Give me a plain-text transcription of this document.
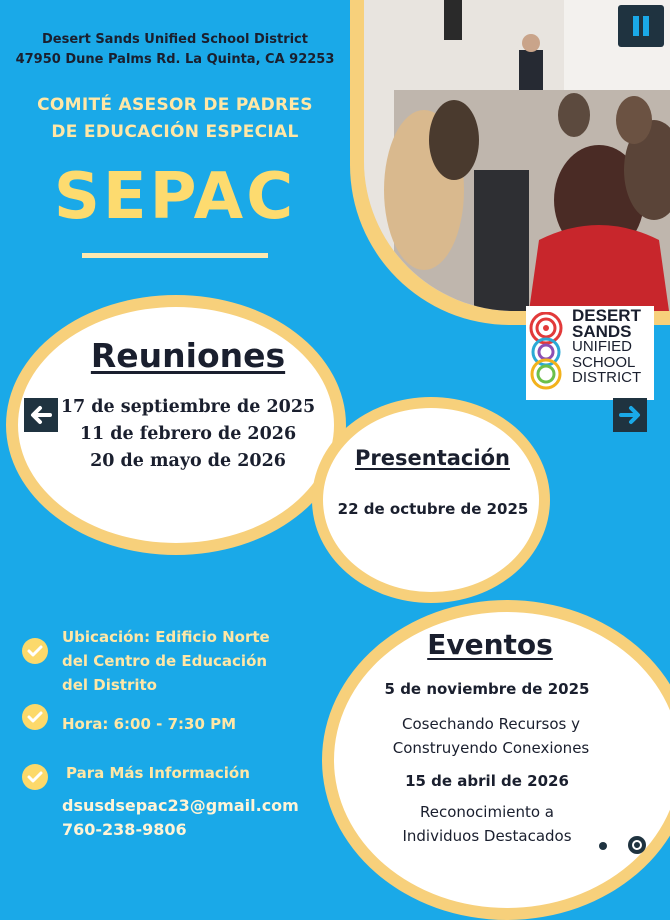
Desert Sands Unified School District
47950 Dune Palms Rd. La Quinta, CA 92253
COMITÉ ASESOR DE PADRES
DE EDUCACIÓN ESPECIAL
SEPAC
DESERT
SANDS
UNIFIED
SCHOOL
DISTRICT
Reuniones
17 de septiembre de 2025
11 de febrero de 2026
20 de mayo de 2026	Presentación
22 de octubre de 2025
Eventos
5 de noviembre de 2025
Cosechando Recursos y
Construyendo Conexiones
15 de abril de 2026
Reconocimiento a
Individuos Destacados
Ubicación: Edificio Norte
del Centro de Educación
del Distrito
Hora: 6:00 - 7:30 PM
Para Más Información
dsusdsepac23@gmail.com
760-238-9806
